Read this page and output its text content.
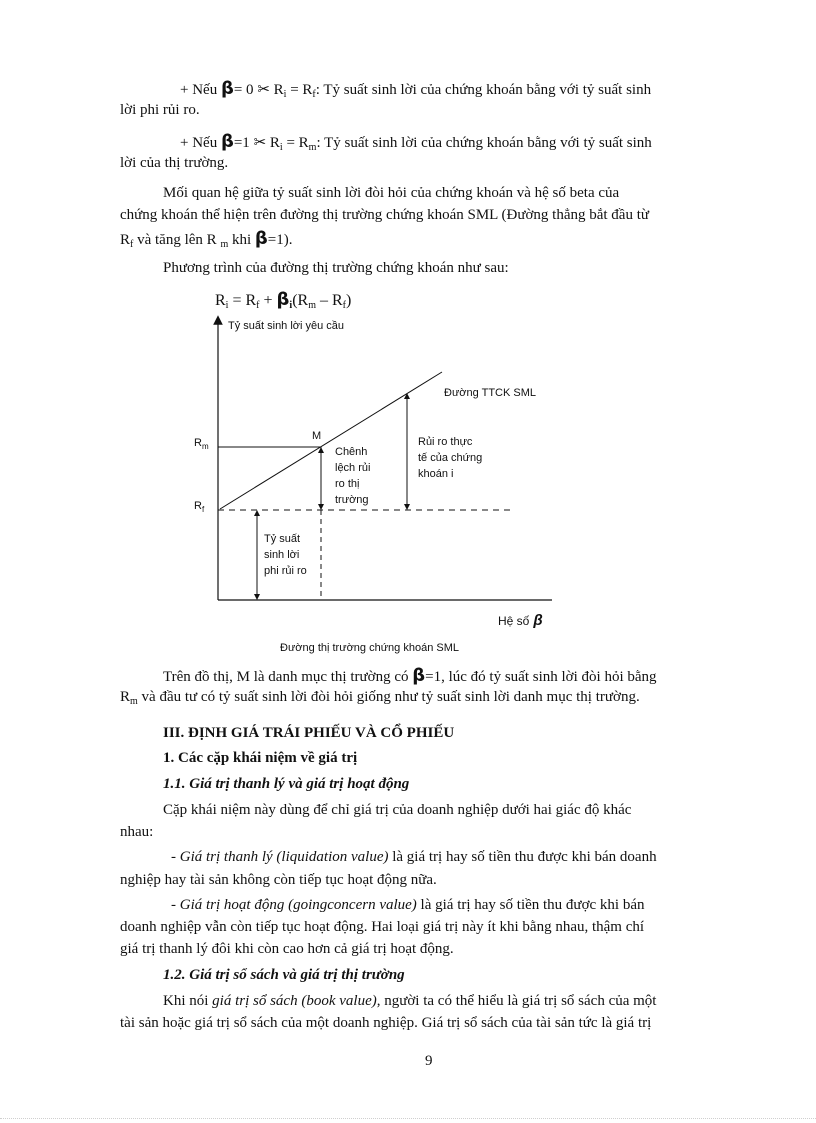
+ Nếu β= 0 ✂ $R_i = R_f$: Tỷ suất sinh lời của chứng khoán bằng với tỷ suất sinh
lời phi rủi ro.
+ Nếu β=1 ✂ $R_i = R_m$: Tỷ suất sinh lời của chứng khoán bằng với tỷ suất sinh
lời của thị trường.
Mối quan hệ giữa tỷ suất sinh lời đòi hỏi của chứng khoán và hệ số beta của
chứng khoán thể hiện trên đường thị trường chứng khoán SML (Đường thẳng bắt đầu từ
$R_f$ và tăng lên R $_m$ khi β=1).
Phương trình của đường thị trường chứng khoán như sau:
$R_i = R_f + \beta_i(R_m - R_f)$
Tỷ suất sinh lời yêu cầu
Hệ số β
$R_m$
$R_f$
M
Đường TTCK SML
Chênh lệch rủi ro thị trường
Rủi ro thực tế của chứng khoán i
Tỷ suất sinh lời phi rủi ro
Đường thị trường chứng khoán SML
Trên đồ thị, M là danh mục thị trường có β=1, lúc đó tỷ suất sinh lời đòi hỏi bằng
$R_m$ và đầu tư có tỷ suất sinh lời đòi hỏi giống như tỷ suất sinh lời danh mục thị trường.
III. ĐỊNH GIÁ TRÁI PHIẾU VÀ CỔ PHIẾU
1. Các cặp khái niệm về giá trị
1.1. Giá trị thanh lý và giá trị hoạt động
Cặp khái niệm này dùng để chỉ giá trị của doanh nghiệp dưới hai giác độ khác
nhau:
- Giá trị thanh lý (liquidation value) là giá trị hay số tiền thu được khi bán doanh
nghiệp hay tài sản không còn tiếp tục hoạt động nữa.
- Giá trị hoạt động (goingconcern value) là giá trị hay số tiền thu được khi bán
doanh nghiệp vẫn còn tiếp tục hoạt động. Hai loại giá trị này ít khi bằng nhau, thậm chí
giá trị thanh lý đôi khi còn cao hơn cả giá trị hoạt động.
1.2. Giá trị sổ sách và giá trị thị trường
Khi nói giá trị sổ sách (book value), người ta có thể hiểu là giá trị sổ sách của một
tài sản hoặc giá trị sổ sách của một doanh nghiệp. Giá trị sổ sách của tài sản tức là giá trị
9
